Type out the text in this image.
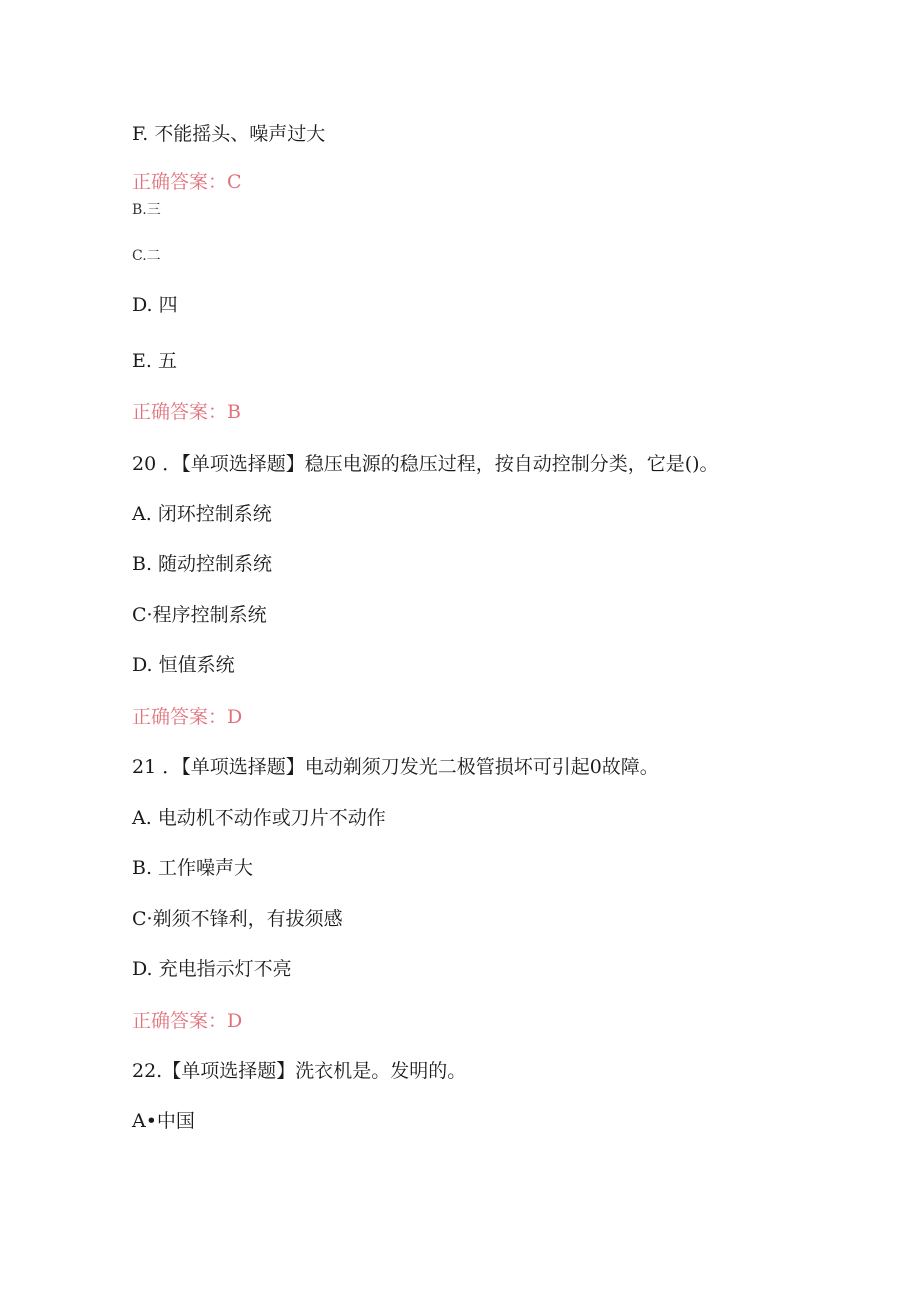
F. 不能摇头、噪声过大
正确答案：C
B.三
C.二
D. 四
E. 五
正确答案：B
20 ．【单项选择题】稳压电源的稳压过程，按自动控制分类，它是()。
A. 闭环控制系统
B. 随动控制系统
C·程序控制系统
D. 恒值系统
正确答案：D
21 ．【单项选择题】电动剃须刀发光二极管损坏可引起0故障。
A. 电动机不动作或刀片不动作
B. 工作噪声大
C·剃须不锋利，有拔须感
D. 充电指示灯不亮
正确答案：D
22.【单项选择题】洗衣机是。发明的。
A•中国
